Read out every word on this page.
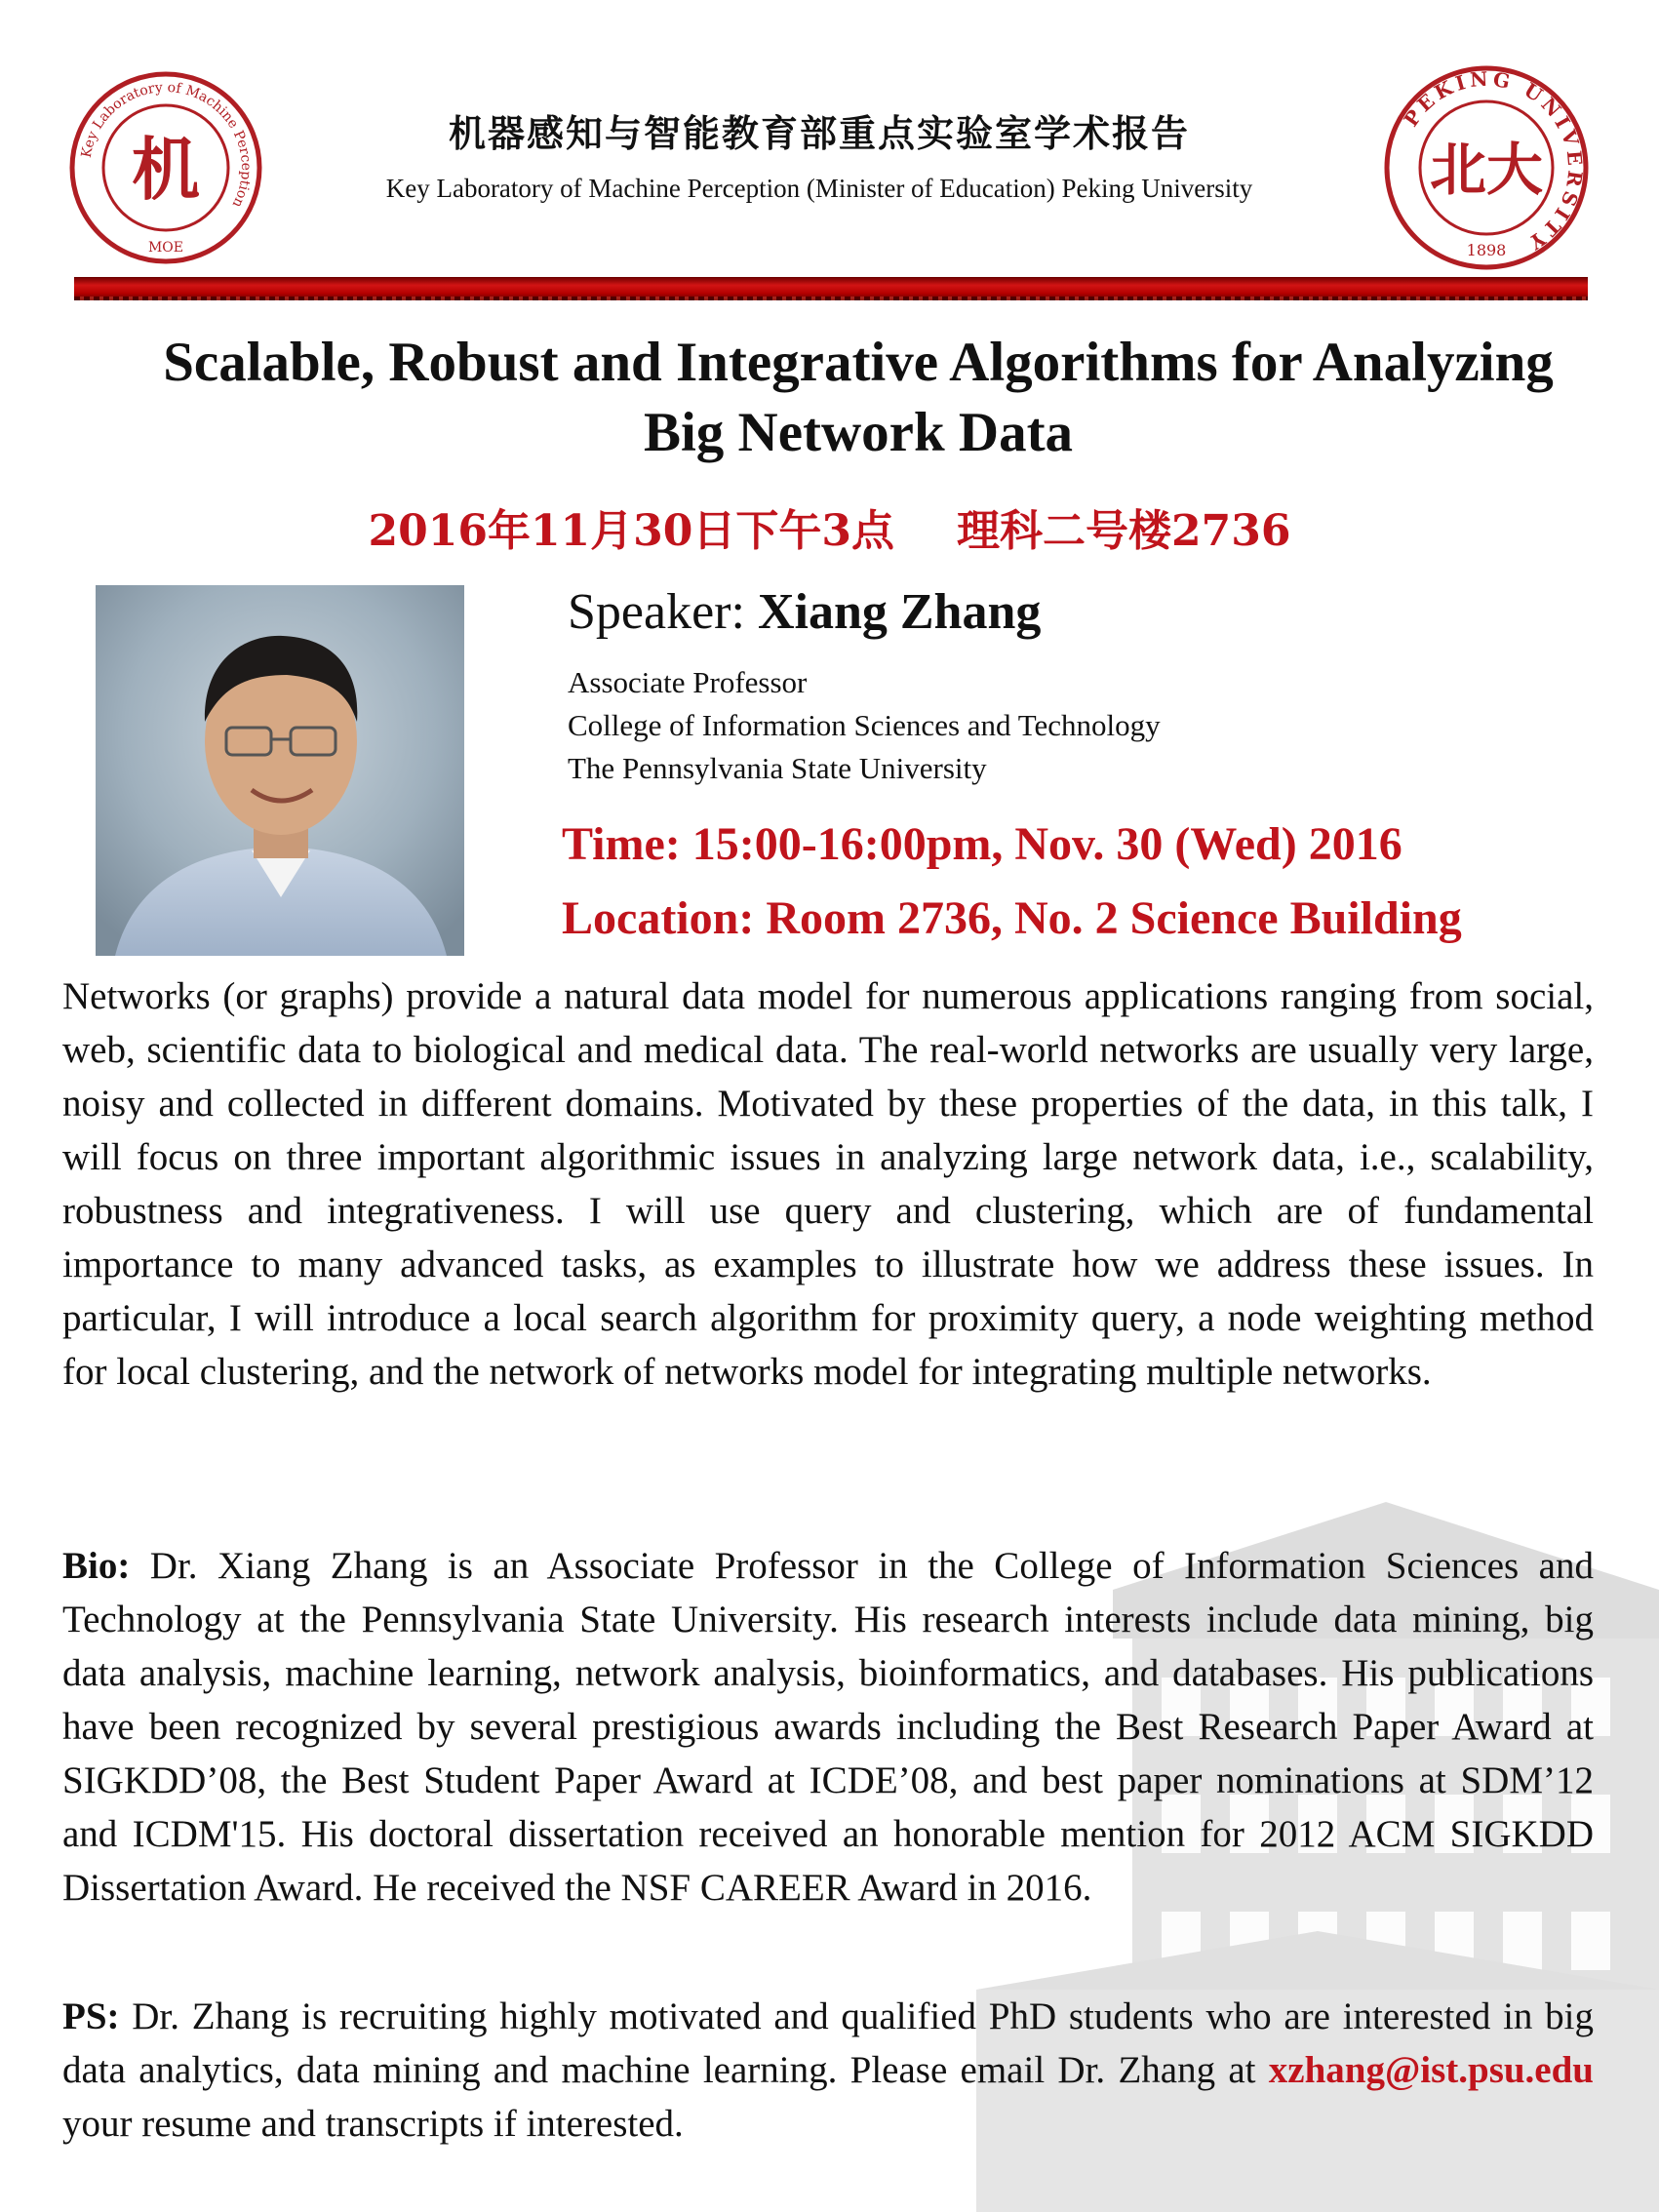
Key Laboratory of Machine Perception
MOE
机	机器感知与智能教育部重点实验室学术报告
Key Laboratory of Machine Perception (Minister of Education) Peking University
PEKING UNIVERSITY
1898
北大
Scalable, Robust and Integrative Algorithms for Analyzing
Big Network Data
2016年11月30日下午3点 理科二号楼2736
Speaker: Xiang Zhang
Associate Professor
College of Information Sciences and Technology
The Pennsylvania State University
Time: 15:00-16:00pm, Nov. 30 (Wed) 2016
Location: Room 2736, No. 2 Science Building
Networks (or graphs) provide a natural data model for numerous applications ranging from social, web, scientific data to biological and medical data. The real-world networks are usually very large, noisy and collected in different domains. Motivated by these properties of the data, in this talk, I will focus on three important algorithmic issues in analyzing large network data, i.e., scalability, robustness and integrativeness. I will use query and clustering, which are of fundamental importance to many advanced tasks, as examples to illustrate how we address these issues. In particular, I will introduce a local search algorithm for proximity query, a node weighting method for local clustering, and the network of networks model for integrating multiple networks.
Bio: Dr. Xiang Zhang is an Associate Professor in the College of Information Sciences and Technology at the Pennsylvania State University. His research interests include data mining, big data analysis, machine learning, network analysis, bioinformatics, and databases. His publications have been recognized by several prestigious awards including the Best Research Paper Award at SIGKDD’08, the Best Student Paper Award at ICDE’08, and best paper nominations at SDM’12 and ICDM'15. His doctoral dissertation received an honorable mention for 2012 ACM SIGKDD Dissertation Award. He received the NSF CAREER Award in 2016.
PS: Dr. Zhang is recruiting highly motivated and qualified PhD students who are interested in big data analytics, data mining and machine learning. Please email Dr. Zhang at xzhang@ist.psu.edu your resume and transcripts if interested.
